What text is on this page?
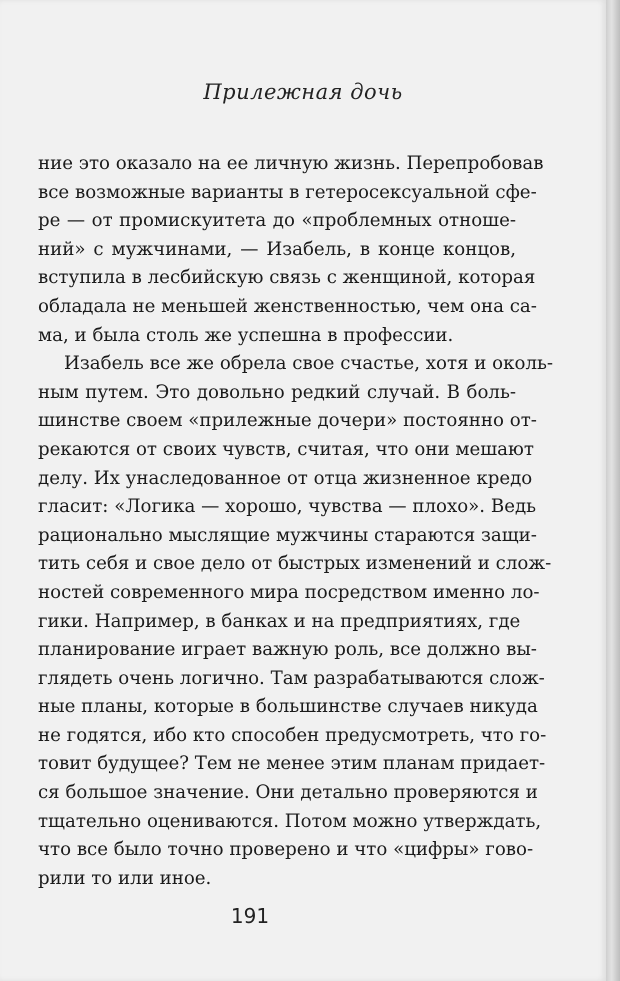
Прилежная дочь

ние это оказало на ее личную жизнь. Перепробовав
все возможные варианты в гетеросексуальной сфе-
ре — от промискуитета до «проблемных отноше-
ний» с мужчинами, — Изабель, в конце концов,
вступила в лесбийскую связь с женщиной, которая
обладала не меньшей женственностью, чем она са-
ма, и была столь же успешна в профессии.

Изабель все же обрела свое счастье, хотя и околь-
ным путем. Это довольно редкий случай. В боль-
шинстве своем «прилежные дочери» постоянно от-
рекаются от своих чувств, считая, что они мешают
делу. Их унаследованное от отца жизненное кредо
гласит: «Логика — хорошо, чувства — плохо». Ведь
рационально мыслящие мужчины стараются защи-
тить себя и свое дело от быстрых изменений и слож-
ностей современного мира посредством именно ло-
гики. Например, в банках и на предприятиях, где
планирование играет важную роль, все должно вы-
глядеть очень логично. Там разрабатываются слож-
ные планы, которые в большинстве случаев никуда
не годятся, ибо кто способен предусмотреть, что го-
товит будущее? Тем не менее этим планам придает-
ся большое значение. Они детально проверяются и
тщательно оцениваются. Потом можно утверждать,
что все было точно проверено и что «цифры» гово-
рили то или иное.

191
